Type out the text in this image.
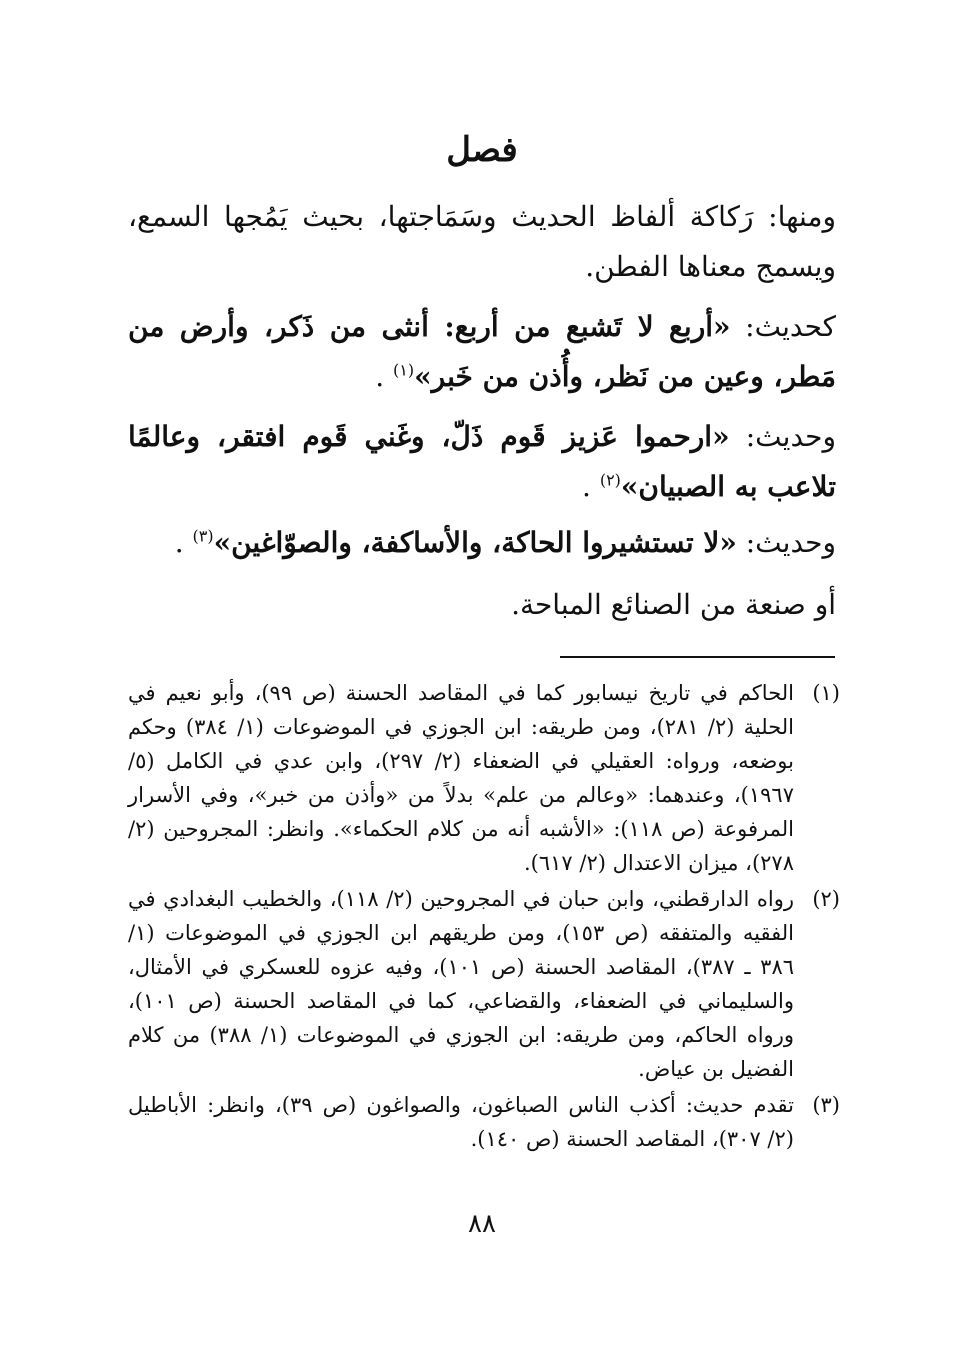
فصل
ومنها: رَكاكة ألفاظ الحديث وسَمَاجتها، بحيث يَمُجها السمع، ويسمج معناها الفطن.
كحديث: «أربع لا تَشبع من أربع: أنثى من ذَكر، وأرض من مَطر، وعين من نَظر، وأُذن من خَبر»$^{(١)}$ .
وحديث: «ارحموا عَزيز قَوم ذَلّ، وغَني قَوم افتقر، وعالمًا تلاعب به الصبيان»$^{(٢)}$ .
وحديث: «لا تستشيروا الحاكة، والأساكفة، والصوّاغين»$^{(٣)}$ .
أو صنعة من الصنائع المباحة.
(١)
الحاكم في تاريخ نيسابور كما في المقاصد الحسنة (ص ٩٩)، وأبو نعيم في الحلية (٢/ ٢٨١)، ومن طريقه: ابن الجوزي في الموضوعات (١/ ٣٨٤) وحكم بوضعه، ورواه: العقيلي في الضعفاء (٢/ ٢٩٧)، وابن عدي في الكامل (٥/ ١٩٦٧)، وعندهما: «وعالم من علم» بدلاً من «وأذن من خبر»، وفي الأسرار المرفوعة (ص ١١٨): «الأشبه أنه من كلام الحكماء». وانظر: المجروحين (٢/ ٢٧٨)، ميزان الاعتدال (٢/ ٦١٧).
(٢)
رواه الدارقطني، وابن حبان في المجروحين (٢/ ١١٨)، والخطيب البغدادي في الفقيه والمتفقه (ص ١٥٣)، ومن طريقهم ابن الجوزي في الموضوعات (١/ ٣٨٦ ـ ٣٨٧)، المقاصد الحسنة (ص ١٠١)، وفيه عزوه للعسكري في الأمثال، والسليماني في الضعفاء، والقضاعي، كما في المقاصد الحسنة (ص ١٠١)، ورواه الحاكم، ومن طريقه: ابن الجوزي في الموضوعات (١/ ٣٨٨) من كلام الفضيل بن عياض.
(٣)
تقدم حديث: أكذب الناس الصباغون، والصواغون (ص ٣٩)، وانظر: الأباطيل (٢/ ٣٠٧)، المقاصد الحسنة (ص ١٤٠).
٨٨
